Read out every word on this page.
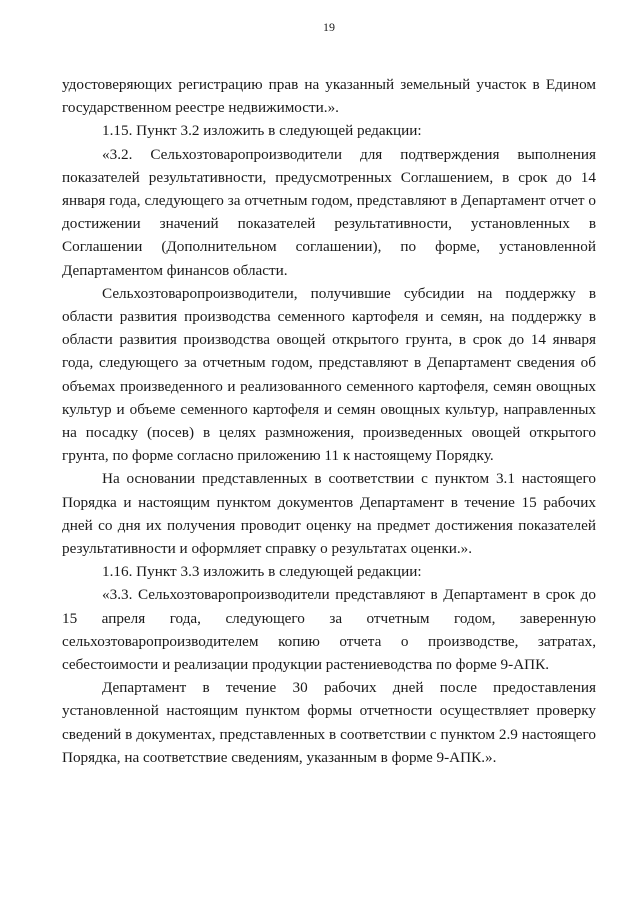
19

удостоверяющих регистрацию прав на указанный земельный участок в Едином государственном реестре недвижимости.».

1.15. Пункт 3.2 изложить в следующей редакции:

«3.2. Сельхозтоваропроизводители для подтверждения выполнения показателей результативности, предусмотренных Соглашением, в срок до 14 января года, следующего за отчетным годом, представляют в Департамент отчет о достижении значений показателей результативности, установленных в Соглашении (Дополнительном соглашении), по форме, установленной Департаментом финансов области.

Сельхозтоваропроизводители, получившие субсидии на поддержку в области развития производства семенного картофеля и семян, на поддержку в области развития производства овощей открытого грунта, в срок до 14 января года, следующего за отчетным годом, представляют в Департамент сведения об объемах произведенного и реализованного семенного картофеля, семян овощных культур и объеме семенного картофеля и семян овощных культур, направленных на посадку (посев) в целях размножения, произведенных овощей открытого грунта, по форме согласно приложению 11 к настоящему Порядку.

На основании представленных в соответствии с пунктом 3.1 настоящего Порядка и настоящим пунктом документов Департамент в течение 15 рабочих дней со дня их получения проводит оценку на предмет достижения показателей результативности и оформляет справку о результатах оценки.».

1.16. Пункт 3.3 изложить в следующей редакции:

«3.3. Сельхозтоваропроизводители представляют в Департамент в срок до 15 апреля года, следующего за отчетным годом, заверенную сельхозтоваропроизводителем копию отчета о производстве, затратах, себестоимости и реализации продукции растениеводства по форме 9-АПК.

Департамент в течение 30 рабочих дней после предоставления установленной настоящим пунктом формы отчетности осуществляет проверку сведений в документах, представленных в соответствии с пунктом 2.9 настоящего Порядка, на соответствие сведениям, указанным в форме 9-АПК.».
